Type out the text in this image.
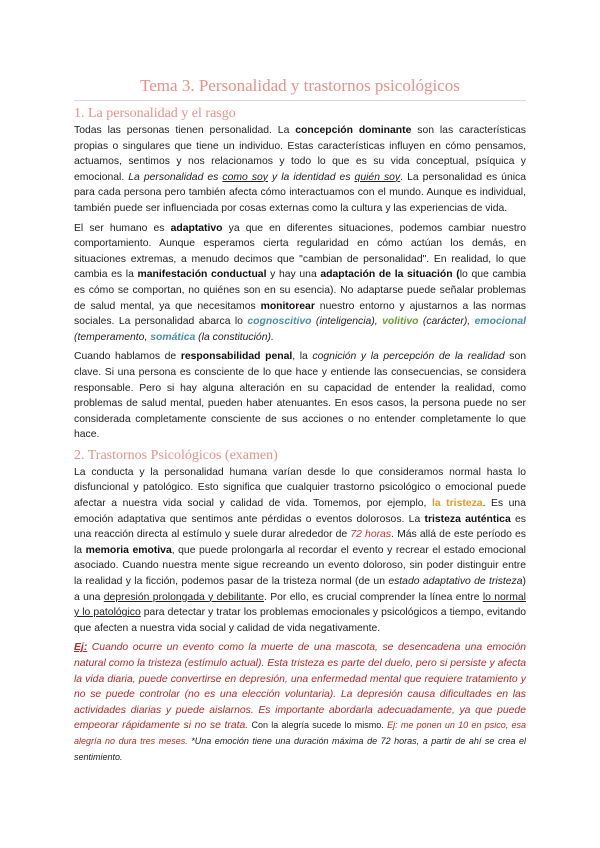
Tema 3. Personalidad y trastornos psicológicos
1. La personalidad y el rasgo

Todas las personas tienen personalidad. La concepción dominante son las características propias o singulares que tiene un individuo. Estas características influyen en cómo pensamos, actuamos, sentimos y nos relacionamos y todo lo que es su vida conceptual, psíquica y emocional. La personalidad es como soy y la identidad es quién soy. La personalidad es única para cada persona pero también afecta cómo interactuamos con el mundo. Aunque es individual, también puede ser influenciada por cosas externas como la cultura y las experiencias de vida.

El ser humano es adaptativo ya que en diferentes situaciones, podemos cambiar nuestro comportamiento. Aunque esperamos cierta regularidad en cómo actúan los demás, en situaciones extremas, a menudo decimos que "cambian de personalidad". En realidad, lo que cambia es la manifestación conductual y hay una adaptación de la situación (lo que cambia es cómo se comportan, no quiénes son en su esencia). No adaptarse puede señalar problemas de salud mental, ya que necesitamos monitorear nuestro entorno y ajustarnos a las normas sociales. La personalidad abarca lo cognoscitivo (inteligencia), volitivo (carácter), emocional (temperamento, somática (la constitución).

Cuando hablamos de responsabilidad penal, la cognición y la percepción de la realidad son clave. Si una persona es consciente de lo que hace y entiende las consecuencias, se considera responsable. Pero si hay alguna alteración en su capacidad de entender la realidad, como problemas de salud mental, pueden haber atenuantes. En esos casos, la persona puede no ser considerada completamente consciente de sus acciones o no entender completamente lo que hace.

2. Trastornos Psicológicos (examen)

La conducta y la personalidad humana varían desde lo que consideramos normal hasta lo disfuncional y patológico. Esto significa que cualquier trastorno psicológico o emocional puede afectar a nuestra vida social y calidad de vida. Tomemos, por ejemplo, la tristeza. Es una emoción adaptativa que sentimos ante pérdidas o eventos dolorosos. La tristeza auténtica es una reacción directa al estímulo y suele durar alrededor de 72 horas. Más allá de este período es la memoria emotiva, que puede prolongarla al recordar el evento y recrear el estado emocional asociado. Cuando nuestra mente sigue recreando un evento doloroso, sin poder distinguir entre la realidad y la ficción, podemos pasar de la tristeza normal (de un estado adaptativo de tristeza) a una depresión prolongada y debilitante. Por ello, es crucial comprender la línea entre lo normal y lo patológico para detectar y tratar los problemas emocionales y psicológicos a tiempo, evitando que afecten a nuestra vida social y calidad de vida negativamente.

Ej: Cuando ocurre un evento como la muerte de una mascota, se desencadena una emoción natural como la tristeza (estímulo actual). Esta tristeza es parte del duelo, pero si persiste y afecta la vida diaria, puede convertirse en depresión, una enfermedad mental que requiere tratamiento y no se puede controlar (no es una elección voluntaria). La depresión causa dificultades en las actividades diarias y puede aislarnos. Es importante abordarla adecuadamente, ya que puede empeorar rápidamente si no se trata. Con la alegría sucede lo mismo. Ej: me ponen un 10 en psico, esa alegría no dura tres meses. *Una emoción tiene una duración máxima de 72 horas, a partir de ahí se crea el sentimiento.
